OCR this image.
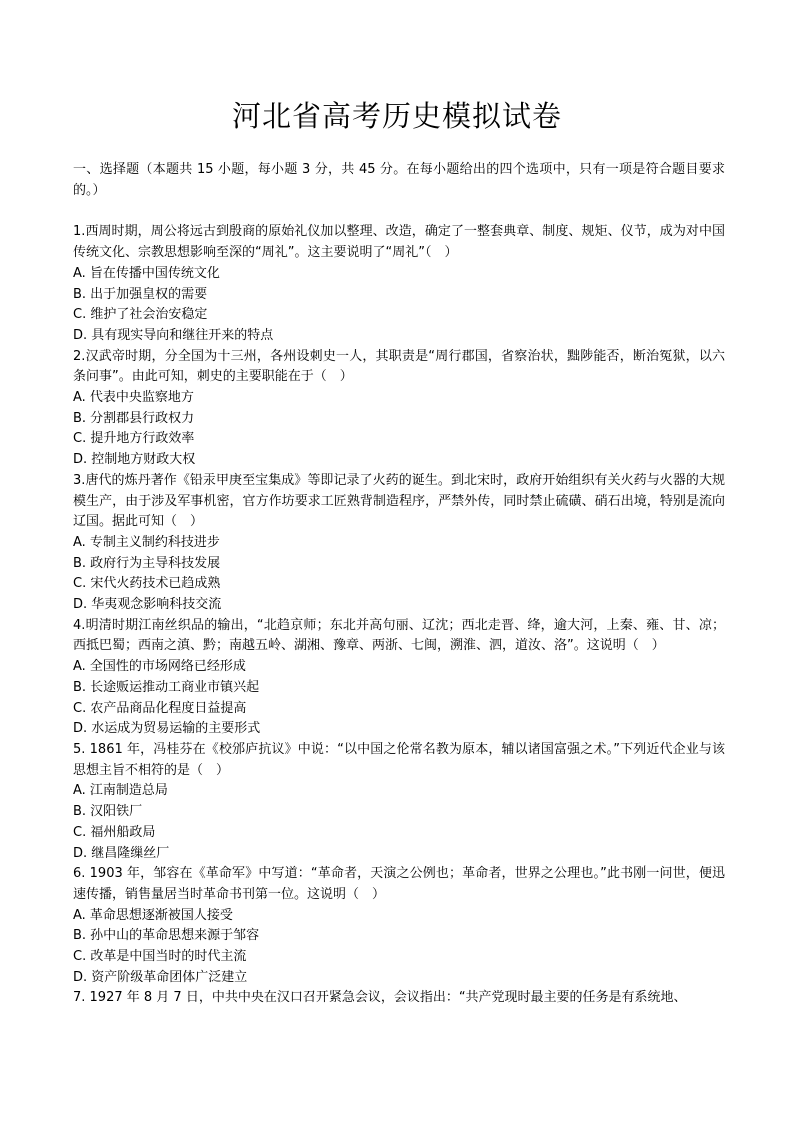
河北省高考历史模拟试卷

一、选择题（本题共 15 小题，每小题 3 分，共 45 分。在每小题给出的四个选项中，只有一项是符合题目要求的。）

1.西周时期，周公将远古到殷商的原始礼仪加以整理、改造，确定了一整套典章、制度、规矩、仪节，成为对中国传统文化、宗教思想影响至深的“周礼”。这主要说明了“周礼”（　）

A. 旨在传播中国传统文化

B. 出于加强皇权的需要

C. 维护了社会治安稳定

D. 具有现实导向和继往开来的特点

2.汉武帝时期，分全国为十三州，各州设刺史一人，其职责是“周行郡国，省察治状，黜陟能否，断治冤狱，以六条问事”。由此可知，刺史的主要职能在于（　）

A. 代表中央监察地方

B. 分割郡县行政权力

C. 提升地方行政效率

D. 控制地方财政大权

3.唐代的炼丹著作《铅汞甲庚至宝集成》等即记录了火药的诞生。到北宋时，政府开始组织有关火药与火器的大规模生产，由于涉及军事机密，官方作坊要求工匠熟背制造程序，严禁外传，同时禁止硫磺、硝石出境，特别是流向辽国。据此可知（　）

A. 专制主义制约科技进步

B. 政府行为主导科技发展

C. 宋代火药技术已趋成熟

D. 华夷观念影响科技交流

4.明清时期江南丝织品的输出，“北趋京师；东北并高句丽、辽沈；西北走晋、绛，逾大河，上秦、雍、甘、凉；西抵巴蜀；西南之滇、黔；南越五岭、湖湘、豫章、两浙、七闽，溯淮、泗，道汝、洛”。这说明（　）

A. 全国性的市场网络已经形成

B. 长途贩运推动工商业市镇兴起

C. 农产品商品化程度日益提高

D. 水运成为贸易运输的主要形式

5. 1861 年，冯桂芬在《校邠庐抗议》中说：“以中国之伦常名教为原本，辅以诸国富强之术。”下列近代企业与该思想主旨不相符的是（　）

A. 江南制造总局

B. 汉阳铁厂

C. 福州船政局

D. 继昌隆缫丝厂

6. 1903 年，邹容在《革命军》中写道：“革命者，天演之公例也；革命者，世界之公理也。”此书刚一问世，便迅速传播，销售量居当时革命书刊第一位。这说明（　）

A. 革命思想逐渐被国人接受

B. 孙中山的革命思想来源于邹容

C. 改革是中国当时的时代主流

D. 资产阶级革命团体广泛建立

7. 1927 年 8 月 7 日，中共中央在汉口召开紧急会议，会议指出：“共产党现时最主要的任务是有系统地、
